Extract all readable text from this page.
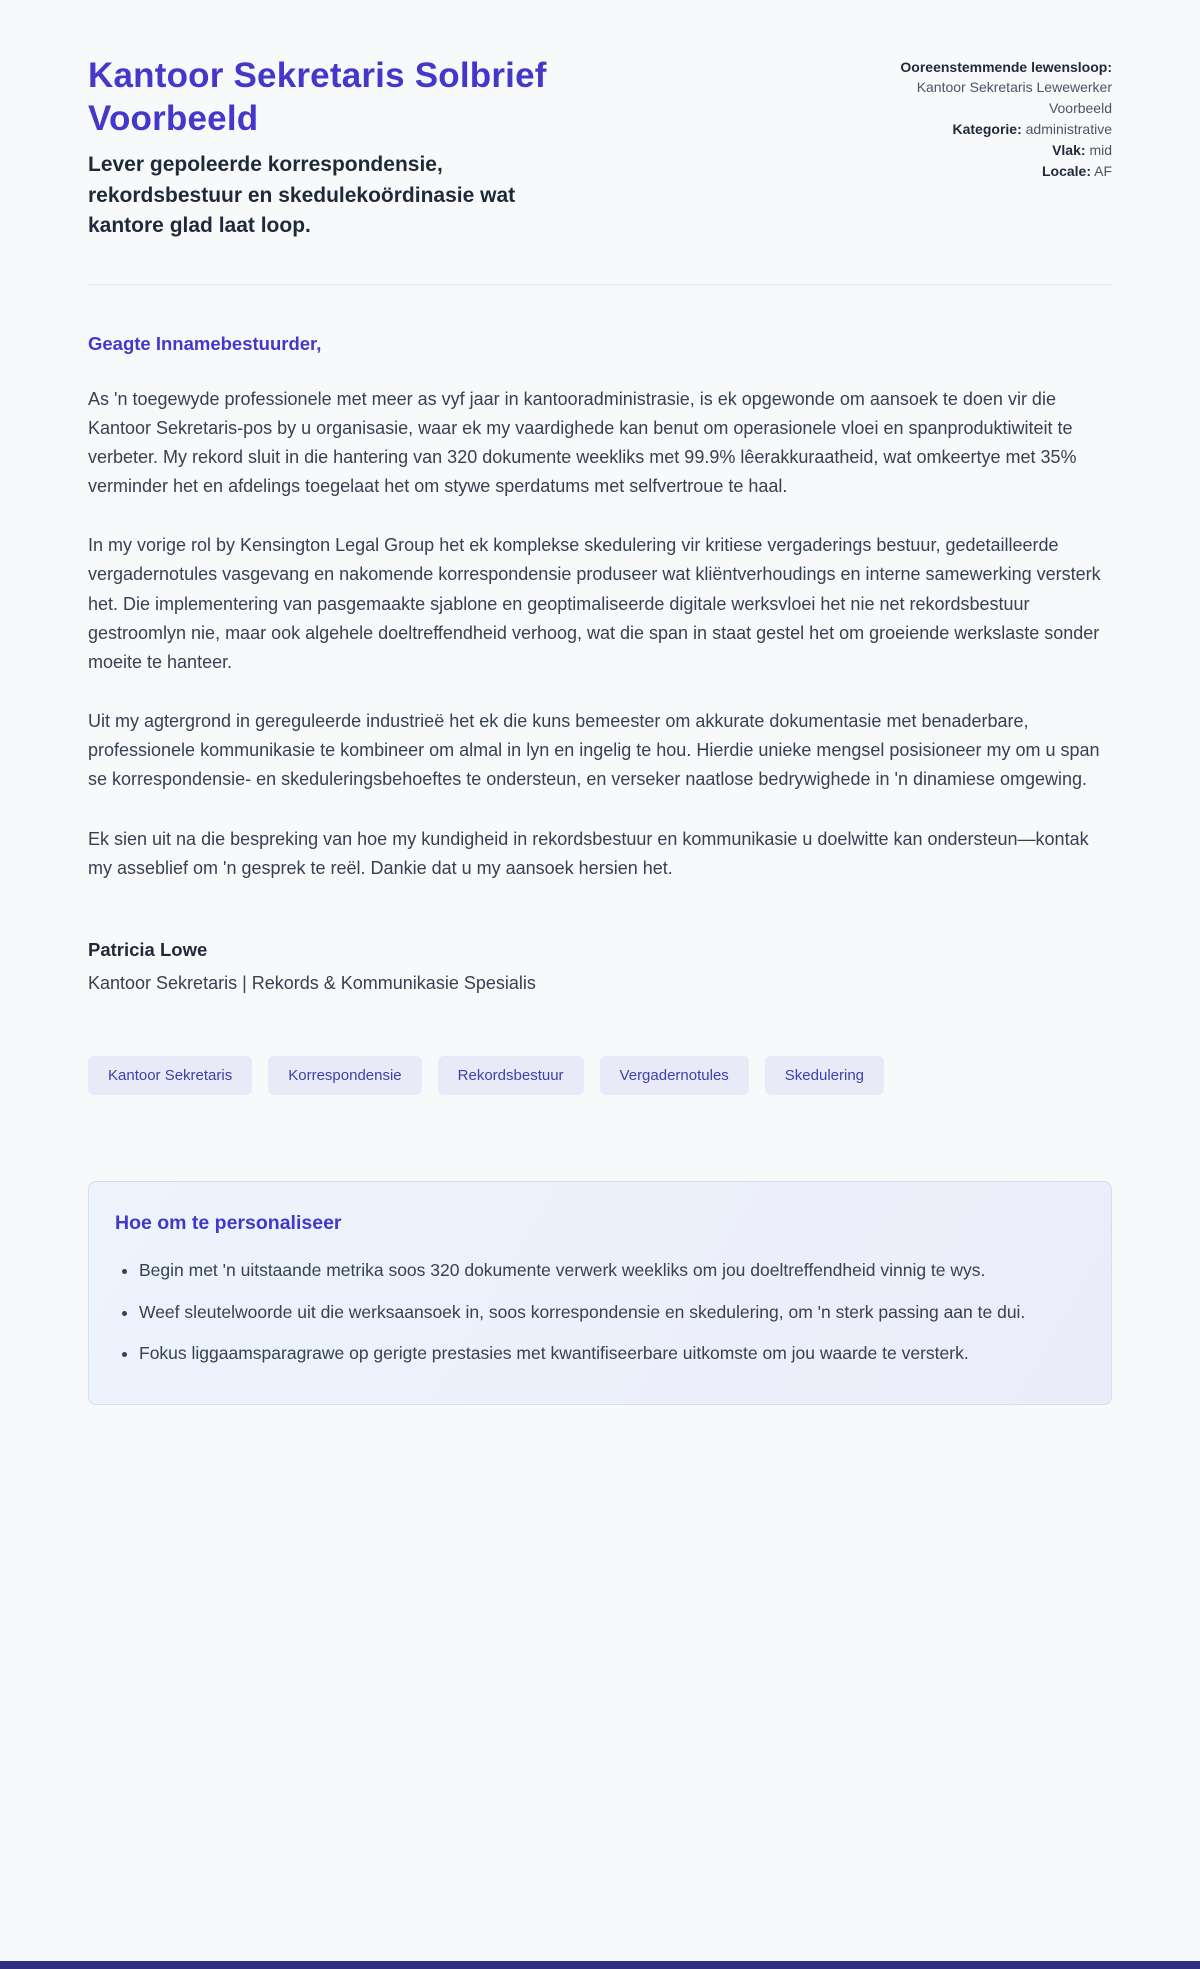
Kantoor Sekretaris Solbrief Voorbeeld

Lever gepoleerde korrespondensie, rekordsbestuur en skedulekoördinasie wat kantore glad laat loop.

Ooreenstemmende lewensloop: Kantoor Sekretaris Lewewerker Voorbeeld
Kategorie: administrative
Vlak: mid
Locale: AF

Geagte Innamebestuurder,

As 'n toegewyde professionele met meer as vyf jaar in kantooradministrasie, is ek opgewonde om aansoek te doen vir die Kantoor Sekretaris-pos by u organisasie, waar ek my vaardighede kan benut om operasionele vloei en spanproduktiwiteit te verbeter. My rekord sluit in die hantering van 320 dokumente weekliks met 99.9% lêerakkuraatheid, wat omkeertye met 35% verminder het en afdelings toegelaat het om stywe sperdatums met selfvertroue te haal.

In my vorige rol by Kensington Legal Group het ek komplekse skedulering vir kritiese vergaderings bestuur, gedetailleerde vergadernotules vasgevang en nakomende korrespondensie produseer wat kliëntverhoudings en interne samewerking versterk het. Die implementering van pasgemaakte sjablone en geoptimaliseerde digitale werksvloei het nie net rekordsbestuur gestroomlyn nie, maar ook algehele doeltreffendheid verhoog, wat die span in staat gestel het om groeiende werkslaste sonder moeite te hanteer.

Uit my agtergrond in gereguleerde industrieë het ek die kuns bemeester om akkurate dokumentasie met benaderbare, professionele kommunikasie te kombineer om almal in lyn en ingelig te hou. Hierdie unieke mengsel posisioneer my om u span se korrespondensie- en skeduleringsbehoeftes te ondersteun, en verseker naatlose bedrywighede in 'n dinamiese omgewing.

Ek sien uit na die bespreking van hoe my kundigheid in rekordsbestuur en kommunikasie u doelwitte kan ondersteun—kontak my asseblief om 'n gesprek te reël. Dankie dat u my aansoek hersien het.

Patricia Lowe

Kantoor Sekretaris | Rekords & Kommunikasie Spesialis

Kantoor Sekretaris	Korrespondensie	Rekordsbestuur	Vergadernotules	Skedulering
Hoe om te personaliseer
• Begin met 'n uitstaande metrika soos 320 dokumente verwerk weekliks om jou doeltreffendheid vinnig te wys.
• Weef sleutelwoorde uit die werksaansoek in, soos korrespondensie en skedulering, om 'n sterk passing aan te dui.
• Fokus liggaamsparagrawe op gerigte prestasies met kwantifiseerbare uitkomste om jou waarde te versterk.
